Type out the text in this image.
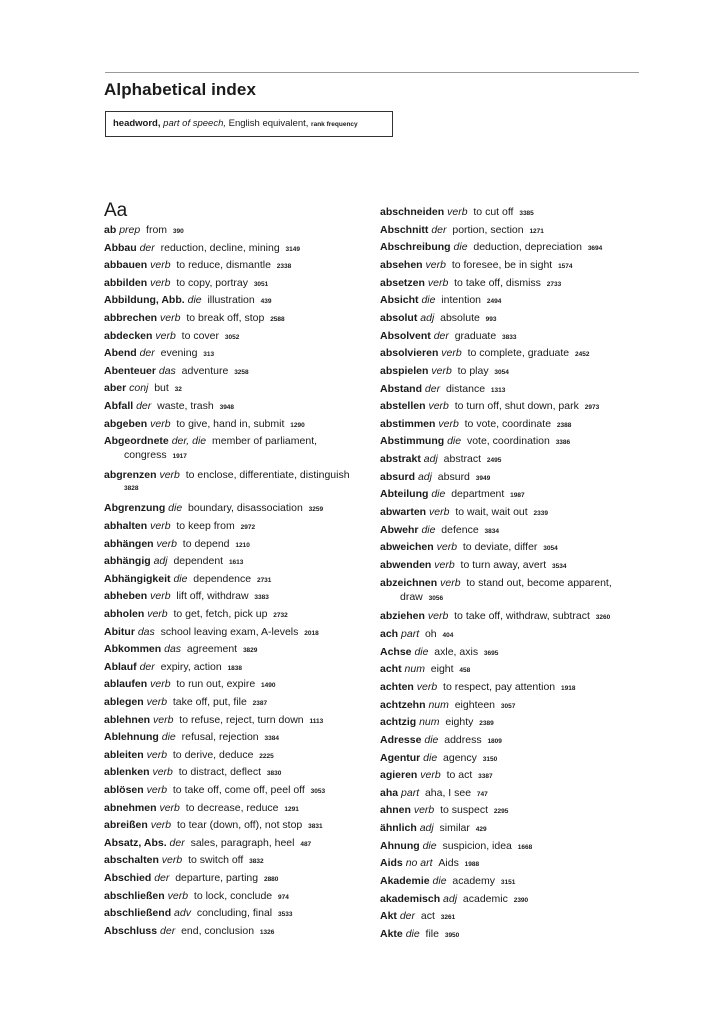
Alphabetical index
headword, part of speech, English equivalent, rank frequency
Aa
ab prep from 390
Abbau der reduction, decline, mining 3149
abbauen verb to reduce, dismantle 2338
abbilden verb to copy, portray 3051
Abbildung, Abb. die illustration 439
abbrechen verb to break off, stop 2588
abdecken verb to cover 3052
Abend der evening 313
Abenteuer das adventure 3258
aber conj but 32
Abfall der waste, trash 3948
abgeben verb to give, hand in, submit 1290
Abgeordnete der, die member of parliament,
congress 1917
abgrenzen verb to enclose, differentiate, distinguish
3828
Abgrenzung die boundary, disassociation 3259
abhalten verb to keep from 2972
abhängen verb to depend 1210
abhängig adj dependent 1613
Abhängigkeit die dependence 2731
abheben verb lift off, withdraw 3383
abholen verb to get, fetch, pick up 2732
Abitur das school leaving exam, A-levels 2018
Abkommen das agreement 3829
Ablauf der expiry, action 1838
ablaufen verb to run out, expire 1490
ablegen verb take off, put, file 2387
ablehnen verb to refuse, reject, turn down 1113
Ablehnung die refusal, rejection 3384
ableiten verb to derive, deduce 2225
ablenken verb to distract, deflect 3830
ablösen verb to take off, come off, peel off 3053
abnehmen verb to decrease, reduce 1291
abreißen verb to tear (down, off), not stop 3831
Absatz, Abs. der sales, paragraph, heel 487
abschalten verb to switch off 3832
Abschied der departure, parting 2880
abschließen verb to lock, conclude 974
abschließend adv concluding, final 3533
Abschluss der end, conclusion 1326
abschneiden verb to cut off 3385
Abschnitt der portion, section 1271
Abschreibung die deduction, depreciation 3694
absehen verb to foresee, be in sight 1574
absetzen verb to take off, dismiss 2733
Absicht die intention 2494
absolut adj absolute 993
Absolvent der graduate 3833
absolvieren verb to complete, graduate 2452
abspielen verb to play 3054
Abstand der distance 1313
abstellen verb to turn off, shut down, park 2973
abstimmen verb to vote, coordinate 2388
Abstimmung die vote, coordination 3386
abstrakt adj abstract 2495
absurd adj absurd 3949
Abteilung die department 1987
abwarten verb to wait, wait out 2339
Abwehr die defence 3834
abweichen verb to deviate, differ 3054
abwenden verb to turn away, avert 3534
abzeichnen verb to stand out, become apparent,
draw 3056
abziehen verb to take off, withdraw, subtract 3260
ach part oh 404
Achse die axle, axis 3695
acht num eight 458
achten verb to respect, pay attention 1918
achtzehn num eighteen 3057
achtzig num eighty 2389
Adresse die address 1809
Agentur die agency 3150
agieren verb to act 3387
aha part aha, I see 747
ahnen verb to suspect 2295
ähnlich adj similar 429
Ahnung die suspicion, idea 1668
Aids no art Aids 1988
Akademie die academy 3151
akademisch adj academic 2390
Akt der act 3261
Akte die file 3950
